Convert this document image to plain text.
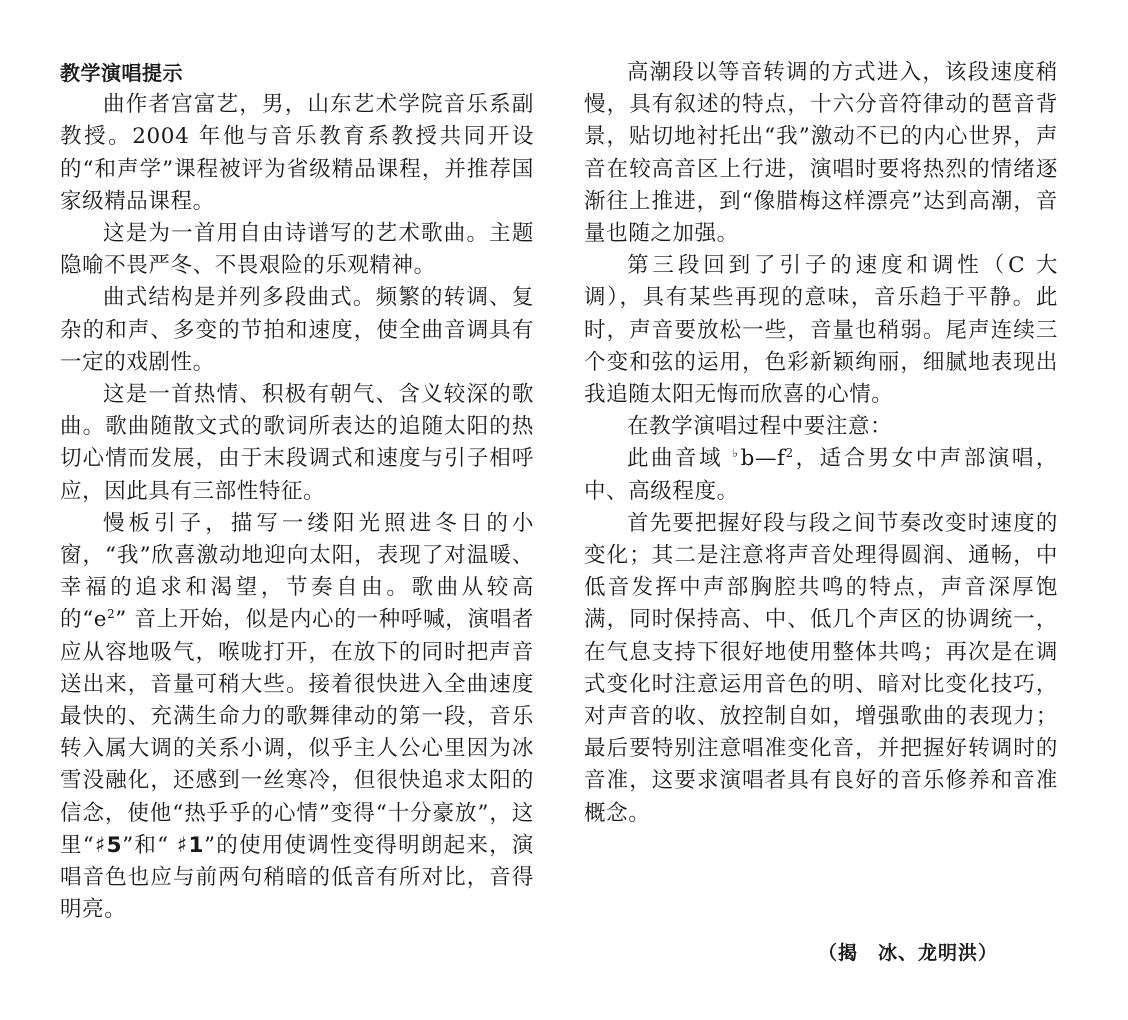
教学演唱提示

曲作者宫富艺，男，山东艺术学院音乐系副教授。2004 年他与音乐教育系教授共同开设的“和声学”课程被评为省级精品课程，并推荐国家级精品课程。

这是为一首用自由诗谱写的艺术歌曲。主题隐喻不畏严冬、不畏艰险的乐观精神。

曲式结构是并列多段曲式。频繁的转调、复杂的和声、多变的节拍和速度，使全曲音调具有一定的戏剧性。

这是一首热情、积极有朝气、含义较深的歌曲。歌曲随散文式的歌词所表达的追随太阳的热切心情而发展，由于末段调式和速度与引子相呼应，因此具有三部性特征。

慢板引子，描写一缕阳光照进冬日的小窗，“我”欣喜激动地迎向太阳，表现了对温暖、幸福的追求和渴望，节奏自由。歌曲从较高的“$e^2$” 音上开始，似是内心的一种呼喊，演唱者应从容地吸气，喉咙打开，在放下的同时把声音送出来，音量可稍大些。接着很快进入全曲速度最快的、充满生命力的歌舞律动的第一段，音乐转入属大调的关系小调，似乎主人公心里因为冰雪没融化，还感到一丝寒冷，但很快追求太阳的信念，使他“热乎乎的心情”变得“十分豪放”，这里“♯5”和“ ♯1”的使用使调性变得明朗起来，演唱音色也应与前两句稍暗的低音有所对比，音得明亮。

高潮段以等音转调的方式进入，该段速度稍慢，具有叙述的特点，十六分音符律动的琶音背景，贴切地衬托出“我”激动不已的内心世界，声音在较高音区上行进，演唱时要将热烈的情绪逐渐往上推进，到“像腊梅这样漂亮”达到高潮，音量也随之加强。

第三段回到了引子的速度和调性（C 大调），具有某些再现的意味，音乐趋于平静。此时，声音要放松一些，音量也稍弱。尾声连续三个变和弦的运用，色彩新颖绚丽，细腻地表现出我追随太阳无悔而欣喜的心情。

在教学演唱过程中要注意：

此曲音域 $^♭b—f^2$，适合男女中声部演唱，中、高级程度。

首先要把握好段与段之间节奏改变时速度的变化；其二是注意将声音处理得圆润、通畅，中低音发挥中声部胸腔共鸣的特点，声音深厚饱满，同时保持高、中、低几个声区的协调统一，在气息支持下很好地使用整体共鸣；再次是在调式变化时注意运用音色的明、暗对比变化技巧，对声音的收、放控制自如，增强歌曲的表现力；最后要特别注意唱准变化音，并把握好转调时的音准，这要求演唱者具有良好的音乐修养和音准概念。

（揭　冰、龙明洪）
